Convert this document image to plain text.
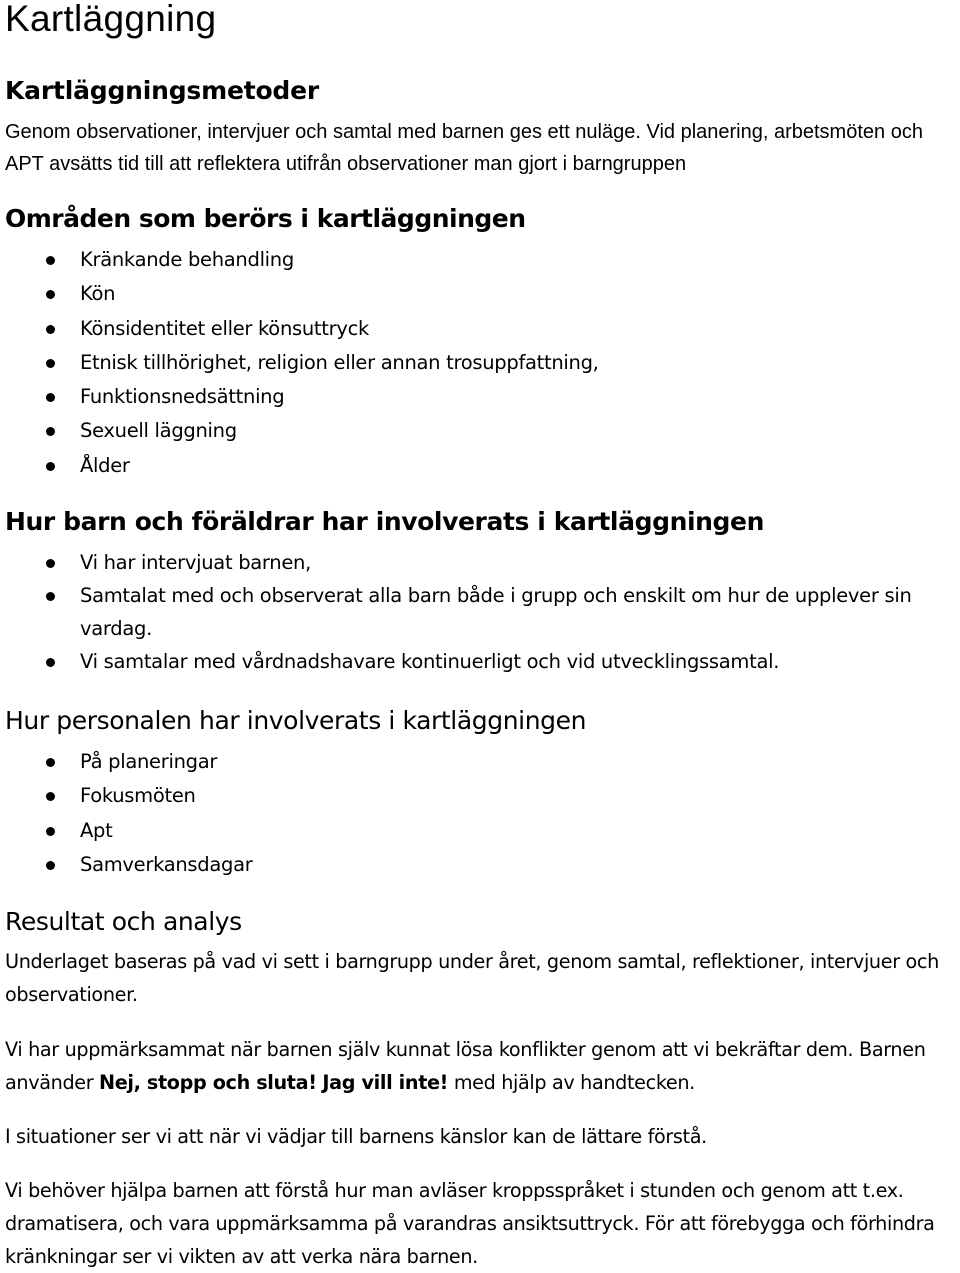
Kartläggning
Kartläggningsmetoder

Genom observationer, intervjuer och samtal med barnen ges ett nuläge. Vid planering, arbetsmöten och APT avsätts tid till att reflektera utifrån observationer man gjort i barngruppen

Områden som berörs i kartläggningen
Kränkande behandling
Kön
Könsidentitet eller könsuttryck
Etnisk tillhörighet, religion eller annan trosuppfattning,
Funktionsnedsättning
Sexuell läggning
Ålder
Hur barn och föräldrar har involverats i kartläggningen
Vi har intervjuat barnen,
Samtalat med och observerat alla barn både i grupp och enskilt om hur de upplever sin vardag.
Vi samtalar med vårdnadshavare kontinuerligt och vid utvecklingssamtal.
Hur personalen har involverats i kartläggningen
På planeringar
Fokusmöten
Apt
Samverkansdagar
Resultat och analys

Underlaget baseras på vad vi sett i barngrupp under året, genom samtal, reflektioner, intervjuer och observationer.

Vi har uppmärksammat när barnen själv kunnat lösa konflikter genom att vi bekräftar dem. Barnen använder Nej, stopp och sluta! Jag vill inte! med hjälp av handtecken.

I situationer ser vi att när vi vädjar till barnens känslor kan de lättare förstå.

Vi behöver hjälpa barnen att förstå hur man avläser kroppsspråket i stunden och genom att t.ex. dramatisera, och vara uppmärksamma på varandras ansiktsuttryck. För att förebygga och förhindra kränkningar ser vi vikten av att verka nära barnen.
